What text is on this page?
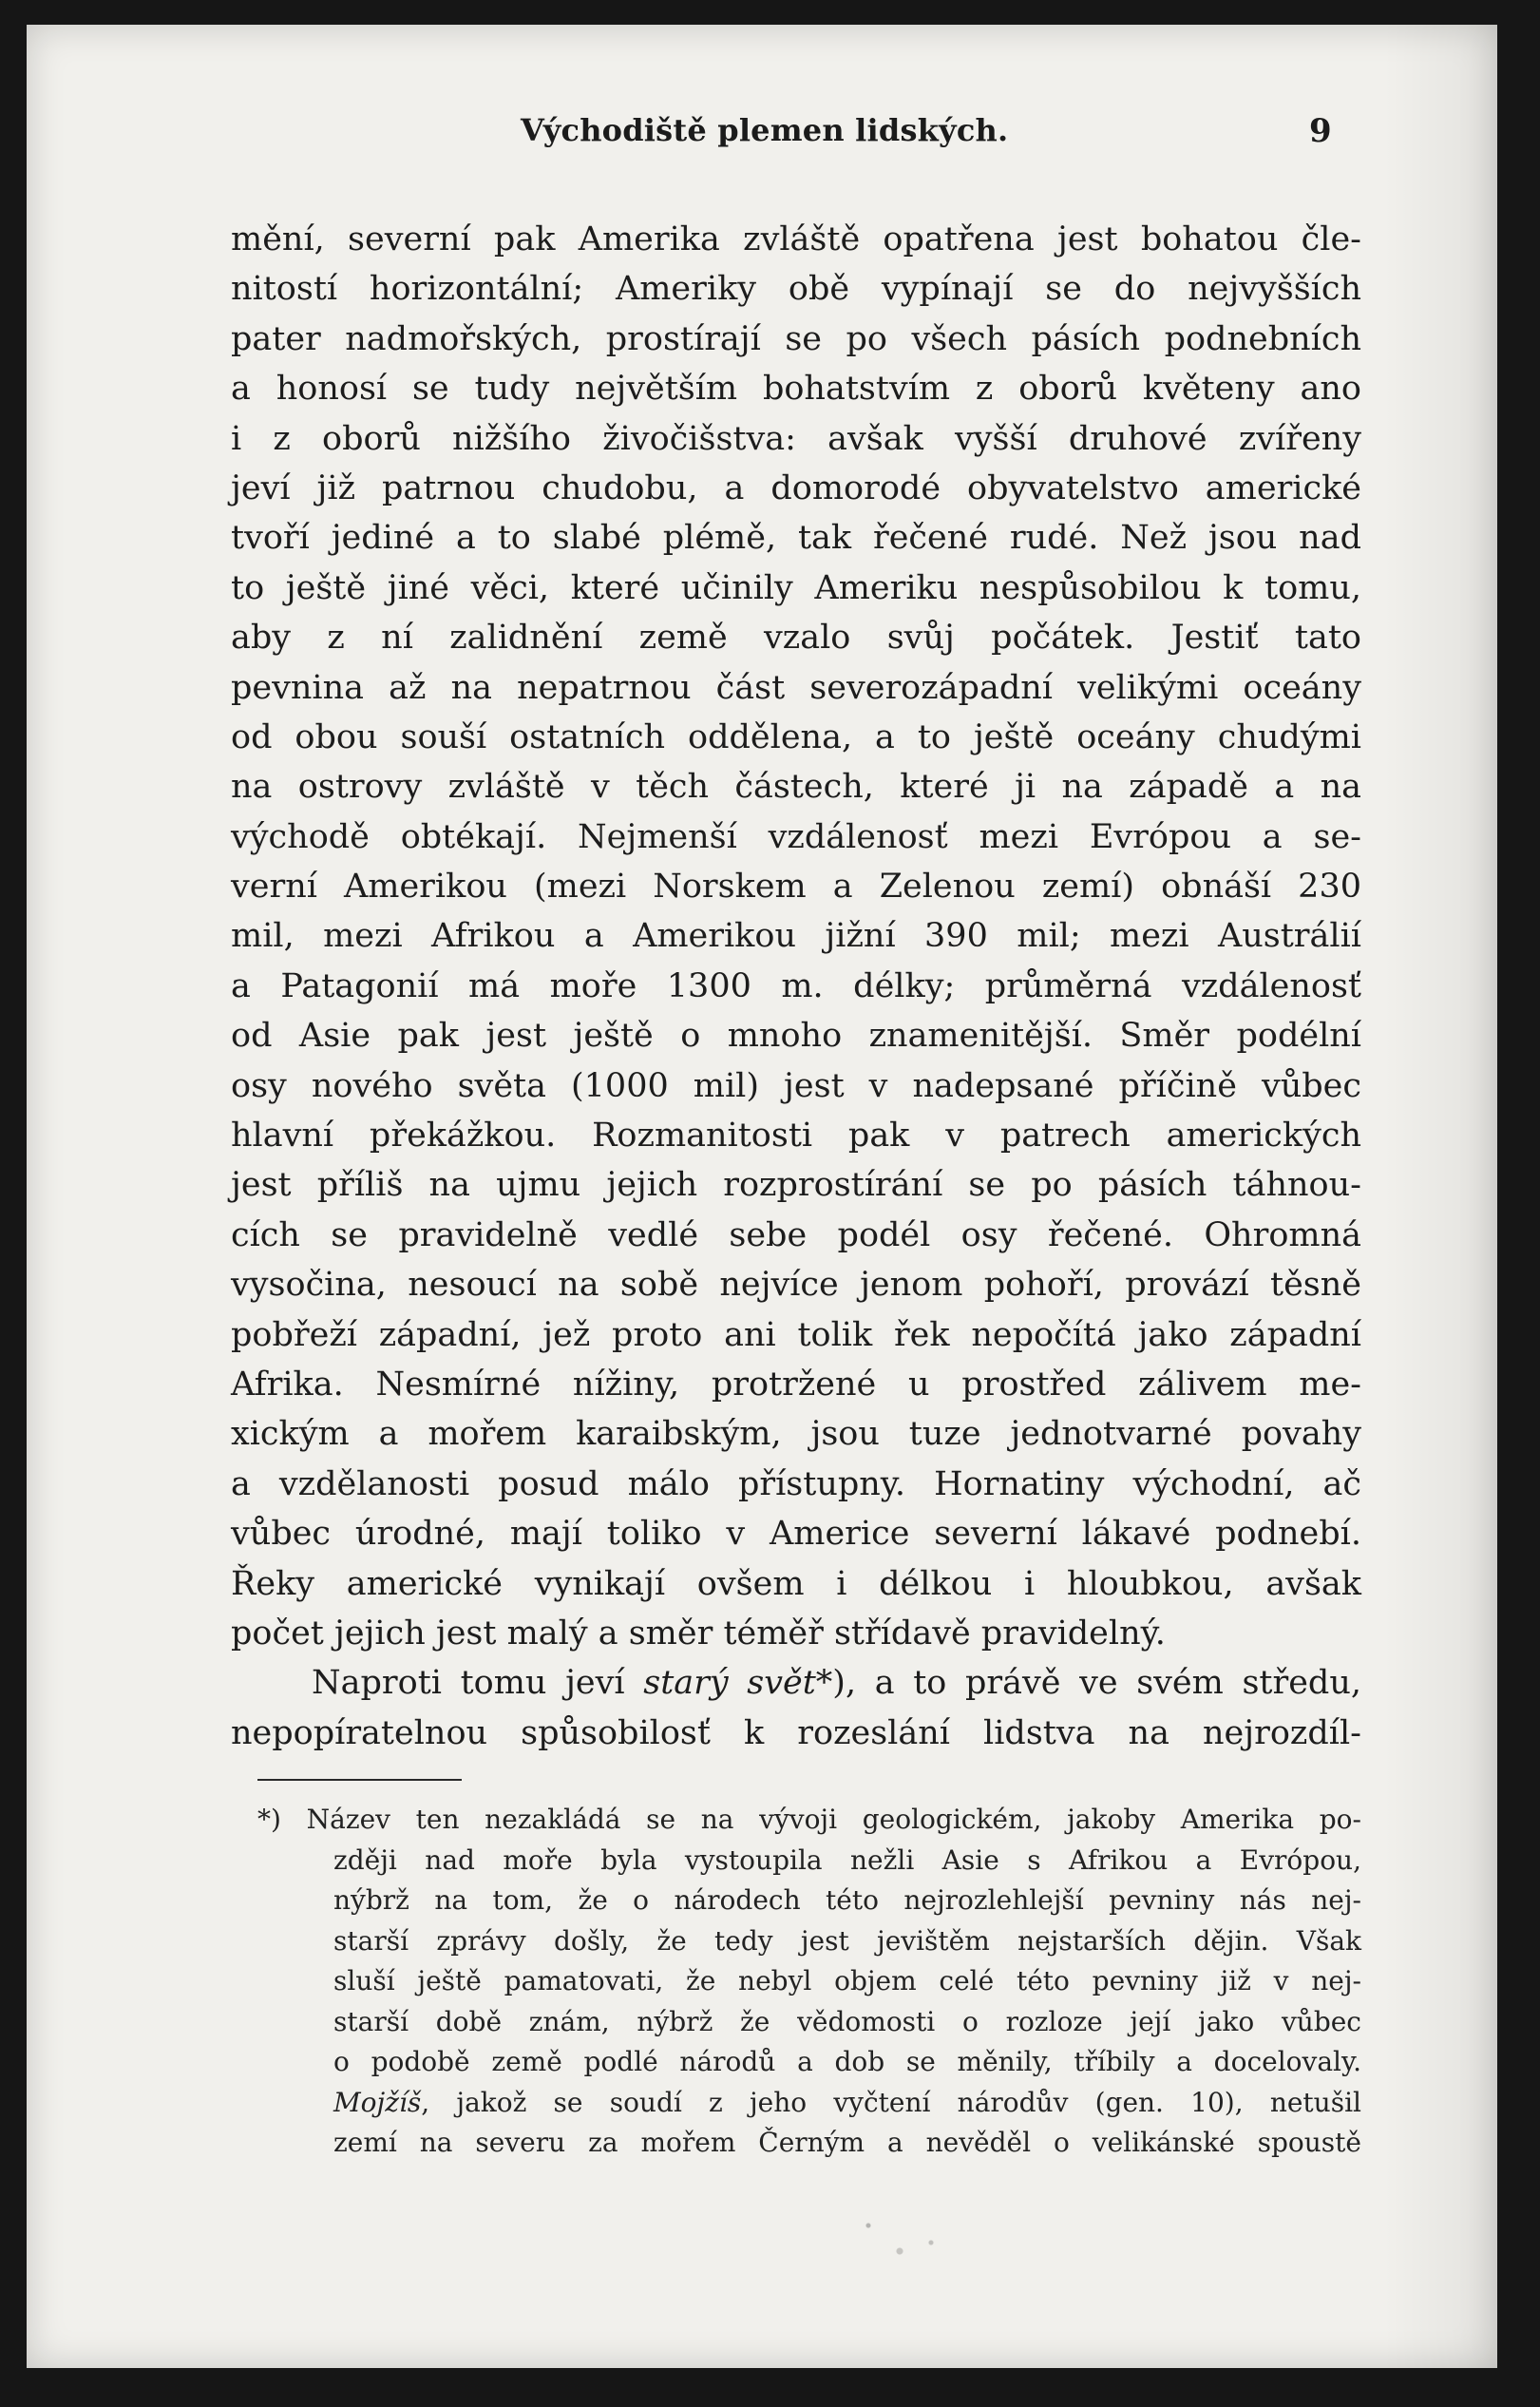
Východiště plemen lidských.	9
mění, severní pak Amerika zvláště opatřena jest bohatou čle-
nitostí horizontální; Ameriky obě vypínají se do nejvyšších
pater nadmořských, prostírají se po všech pásích podnebních
a honosí se tudy největším bohatstvím z oborů květeny ano
i z oborů nižšího živočišstva: avšak vyšší druhové zvířeny
jeví již patrnou chudobu, a domorodé obyvatelstvo americké
tvoří jediné a to slabé plémě, tak řečené rudé. Než jsou nad
to ještě jiné věci, které učinily Ameriku nespůsobilou k tomu,
aby z ní zalidnění země vzalo svůj počátek. Jestiť tato
pevnina až na nepatrnou část severozápadní velikými oceány
od obou souší ostatních oddělena, a to ještě oceány chudými
na ostrovy zvláště v těch částech, které ji na západě a na
východě obtékají. Nejmenší vzdálenosť mezi Evrópou a se-
verní Amerikou (mezi Norskem a Zelenou zemí) obnáší 230
mil, mezi Afrikou a Amerikou jižní 390 mil; mezi Austrálií
a Patagonií má moře 1300 m. délky; průměrná vzdálenosť
od Asie pak jest ještě o mnoho znamenitější. Směr podélní
osy nového světa (1000 mil) jest v nadepsané příčině vůbec
hlavní překážkou. Rozmanitosti pak v patrech amerických
jest příliš na ujmu jejich rozprostírání se po pásích táhnou-
cích se pravidelně vedlé sebe podél osy řečené. Ohromná
vysočina, nesoucí na sobě nejvíce jenom pohoří, provází těsně
pobřeží západní, jež proto ani tolik řek nepočítá jako západní
Afrika. Nesmírné nížiny, protržené u prostřed zálivem me-
xickým a mořem karaibským, jsou tuze jednotvarné povahy
a vzdělanosti posud málo přístupny. Hornatiny východní, ač
vůbec úrodné, mají toliko v Americe severní lákavé podnebí.
Řeky americké vynikají ovšem i délkou i hloubkou, avšak
počet jejich jest malý a směr téměř střídavě pravidelný.
Naproti tomu jeví starý svět*), a to právě ve svém středu,
nepopíratelnou spůsobilosť k rozeslání lidstva na nejrozdíl-
*) Název ten nezakládá se na vývoji geologickém, jakoby Amerika po-
zději nad moře byla vystoupila nežli Asie s Afrikou a Evrópou,
nýbrž na tom, že o národech této nejrozlehlejší pevniny nás nej-
starší zprávy došly, že tedy jest jevištěm nejstarších dějin. Však
sluší ještě pamatovati, že nebyl objem celé této pevniny již v nej-
starší době znám, nýbrž že vědomosti o rozloze její jako vůbec
o podobě země podlé národů a dob se měnily, tříbily a docelovaly.
Mojžíš, jakož se soudí z jeho vyčtení národův (gen. 10), netušil
zemí na severu za mořem Černým a nevěděl o velikánské spoustě
